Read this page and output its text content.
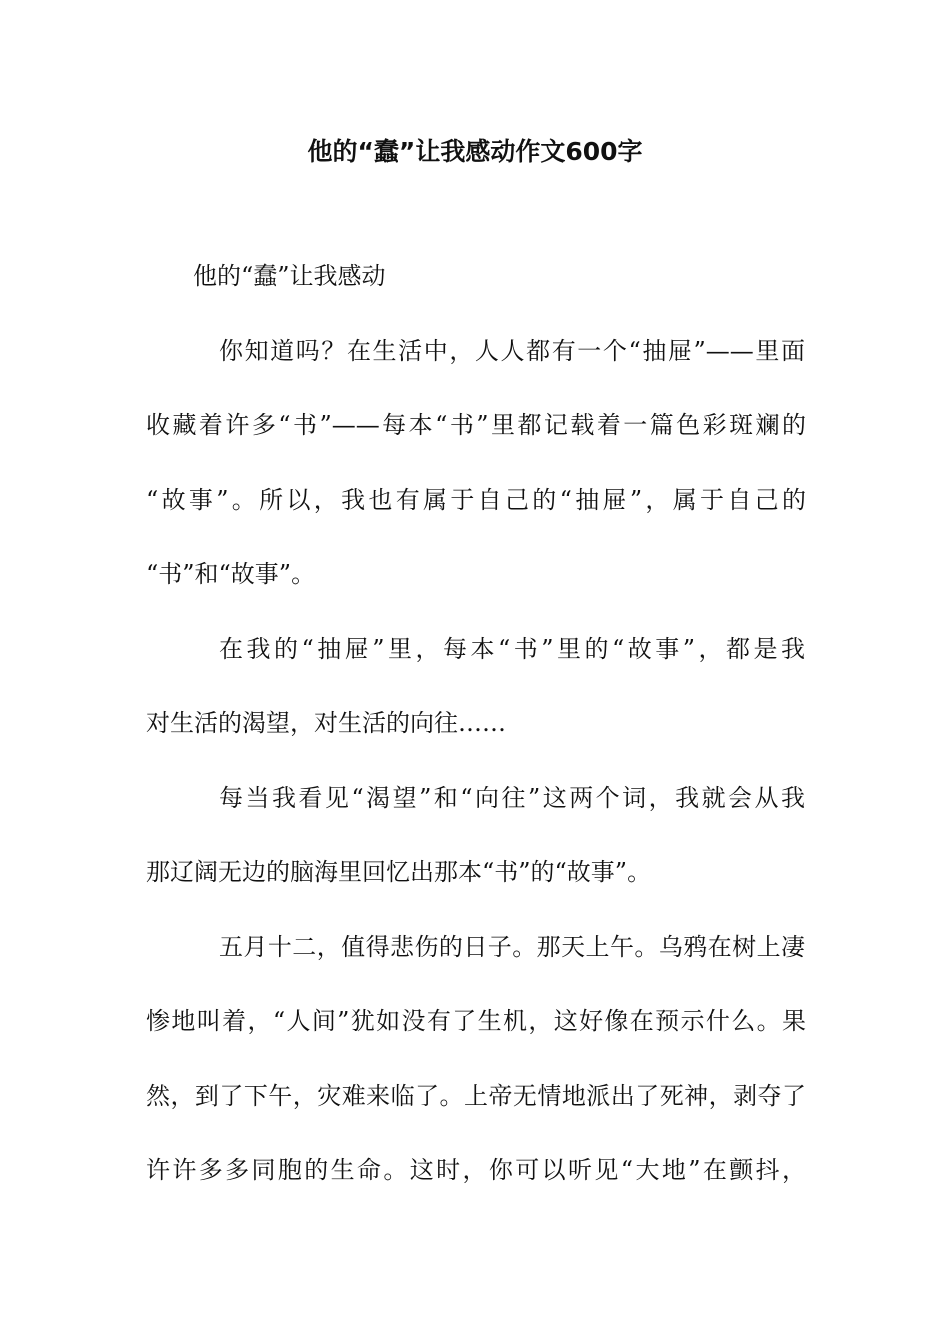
他的“蠢”让我感动作文600字
他的“蠢”让我感动
你知道吗？在生活中，人人都有一个“抽屉”——里面
收藏着许多“书”——每本“书”里都记载着一篇色彩斑斓的
“故事”。所以，我也有属于自己的“抽屉”，属于自己的
“书”和“故事”。
在我的“抽屉”里，每本“书”里的“故事”，都是我
对生活的渴望，对生活的向往……
每当我看见“渴望”和“向往”这两个词，我就会从我
那辽阔无边的脑海里回忆出那本“书”的“故事”。
五月十二，值得悲伤的日子。那天上午。乌鸦在树上凄
惨地叫着，“人间”犹如没有了生机，这好像在预示什么。果
然，到了下午，灾难来临了。上帝无情地派出了死神，剥夺了
许许多多同胞的生命。这时，你可以听见“大地”在颤抖，
